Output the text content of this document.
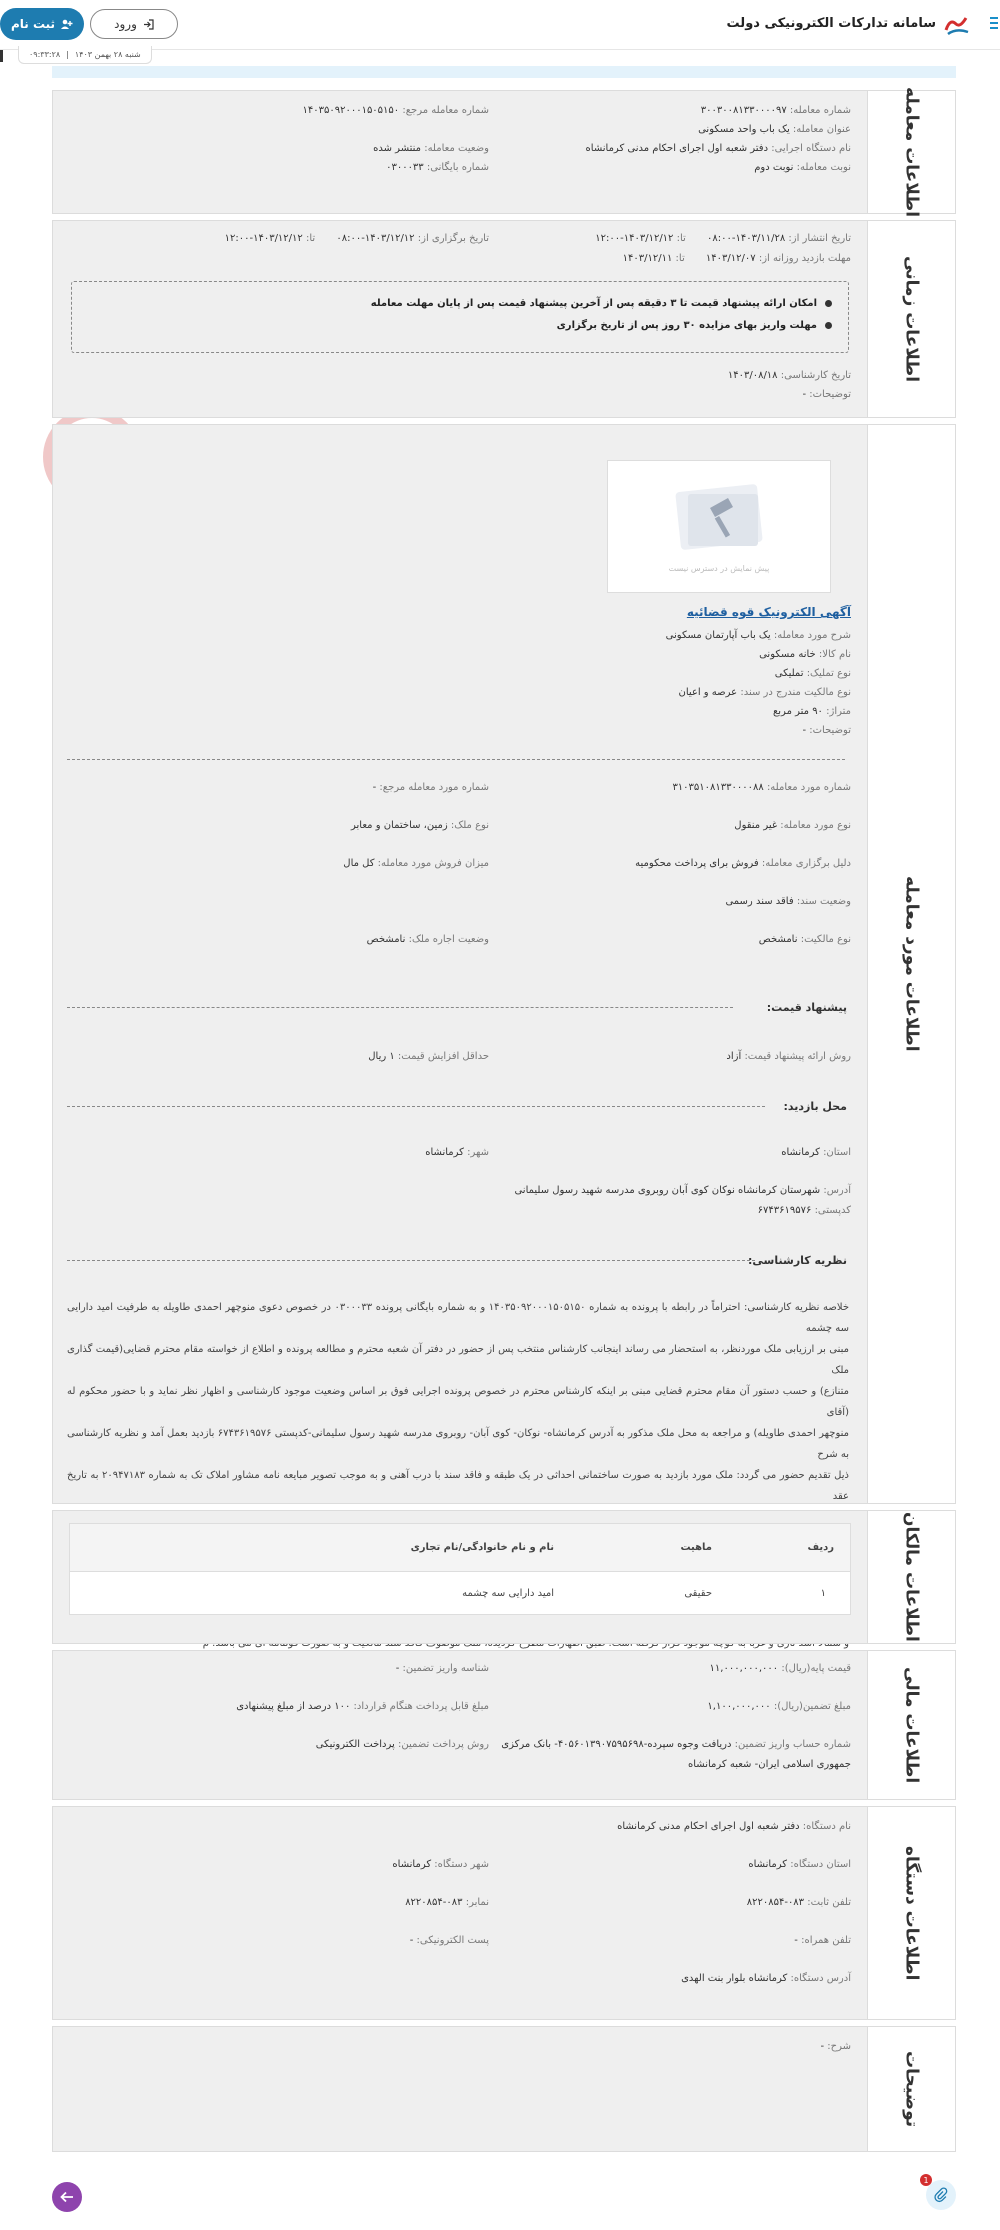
سامانه تدارکات الکترونیکی دولت
ثبت نام	ورود
شنبه ۲۸ بهمن ۱۴۰۳
|
۰۹:۳۳:۲۸
اطلاعات معامله
شماره معامله: ۳۰۰۳۰۰۸۱۳۳۰۰۰۰۹۷
شماره معامله مرجع: ۱۴۰۳۵۰۹۲۰۰۰۱۵۰۵۱۵۰
عنوان معامله: یک باب واحد مسکونی
نام دستگاه اجرایی: دفتر شعبه اول اجرای احکام مدنی کرمانشاه
وضعیت معامله: منتشر شده
نوبت معامله: نوبت دوم
شماره بایگانی: ۰۳۰۰۰۳۳
اطلاعات زمانی
تاریخ انتشار از: ۱۴۰۳/۱۱/۲۸-۰۸:۰۰ تا: ۱۴۰۳/۱۲/۱۲-۱۲:۰۰
تاریخ برگزاری از: ۱۴۰۳/۱۲/۱۲-۰۸:۰۰ تا: ۱۴۰۳/۱۲/۱۲-۱۲:۰۰
مهلت بازدید روزانه از: ۱۴۰۳/۱۲/۰۷ تا: ۱۴۰۳/۱۲/۱۱
امکان ارائه پیشنهاد قیمت تا ۳ دقیقه پس از آخرین پیشنهاد قیمت پس از پایان مهلت معامله
مهلت واریز بهای مزایده ۳۰ روز پس از تاریخ برگزاری
تاریخ کارشناسی: ۱۴۰۳/۰۸/۱۸
توضیحات: -
اطلاعات مورد معامله
پیش نمایش در دسترس نیست
آگهی الکترونیک قوه قضائیه
شرح مورد معامله: یک باب آپارتمان مسکونی
نام کالا: خانه مسکونی
نوع تملیک: تملیکی
نوع مالکیت مندرج در سند: عرصه و اعیان
متراژ: ۹۰ متر مربع
توضیحات: -
شماره مورد معامله: ۳۱۰۳۵۱۰۸۱۳۳۰۰۰۰۸۸
شماره مورد معامله مرجع: -
نوع مورد معامله: غیر منقول
نوع ملک: زمین، ساختمان و معابر
دلیل برگزاری معامله: فروش برای پرداخت محکومیه
میزان فروش مورد معامله: کل مال
وضعیت سند: فاقد سند رسمی
نوع مالکیت: نامشخص
وضعیت اجاره ملک: نامشخص
پیشنهاد قیمت:
روش ارائه پیشنهاد قیمت: آزاد
حداقل افزایش قیمت: ۱ ریال
محل بازدید:
استان: کرمانشاه
شهر: کرمانشاه
آدرس: شهرستان کرمانشاه نوکان کوی آبان روبروی مدرسه شهید رسول سلیمانی
کدپستی: ۶۷۴۳۶۱۹۵۷۶
نظریه کارشناسی:
خلاصه نظریه کارشناسی: احتراماً در رابطه با پرونده به شماره ۱۴۰۳۵۰۹۲۰۰۰۱۵۰۵۱۵۰ و به شماره بایگانی پرونده ۰۳۰۰۰۳۳ در خصوص دعوی منوچهر احمدی طاویله به طرفیت امید دارایی سه چشمه
مبنی بر ارزیابی ملک موردنظر، به استحضار می رساند اینجانب کارشناس منتخب پس از حضور در دفتر آن شعبه محترم و مطالعه پرونده و اطلاع از خواسته مقام محترم قضایی(قیمت گذاری ملک
متنازع) و حسب دستور آن مقام محترم قضایی مبنی بر اینکه کارشناس محترم در خصوص پرونده اجرایی فوق بر اساس وضعیت موجود کارشناسی و اظهار نظر نماید و با حضور محکوم له (آقای
منوچهر احمدی طاویله) و مراجعه به محل ملک مذکور به آدرس کرمانشاه- نوکان- کوی آبان- روبروی مدرسه شهید رسول سلیمانی-کدپستی ۶۷۴۳۶۱۹۵۷۶ بازدید بعمل آمد و نظریه کارشناسی به شرح
ذیل تقدیم حضور می گردد: ملک مورد بازدید به صورت ساختمانی احداثی در یک طبقه و فاقد سند با درب آهنی و به موجب تصویر مبایعه نامه مشاور املاک تک به شماره ۲۰۹۴۷۱۸۳ به تاریخ عقد
اطلاعات مالکان
ردیف
ماهیت
نام و نام خانوادگی/نام تجاری
۱
حقیقی
امید دارایی سه چشمه
اطلاعات مالی
قیمت پایه(ریال): ۱۱,۰۰۰,۰۰۰,۰۰۰
شناسه واریز تضمین: -
مبلغ تضمین(ریال): ۱,۱۰۰,۰۰۰,۰۰۰
مبلغ قابل پرداخت هنگام قرارداد: ۱۰۰ درصد از مبلغ پیشنهادی
شماره حساب واریز تضمین: دریافت وجوه سپرده-۴۰۵۶۰۱۳۹۰۷۵۹۵۶۹۸- بانک مرکزی
جمهوری اسلامی ایران- شعبه کرمانشاه
روش پرداخت تضمین: پرداخت الکترونیکی
اطلاعات دستگاه
نام دستگاه: دفتر شعبه اول اجرای احکام مدنی کرمانشاه
استان دستگاه: کرمانشاه
شهر دستگاه: کرمانشاه
تلفن ثابت: ۰۸۳-۸۲۲۰۸۵۴
نمابر: ۰۸۳-۸۲۲۰۸۵۴
تلفن همراه: -
پست الکترونیکی: -
آدرس دستگاه: کرمانشاه بلوار بنت الهدی
توضیحات
شرح: -
1
